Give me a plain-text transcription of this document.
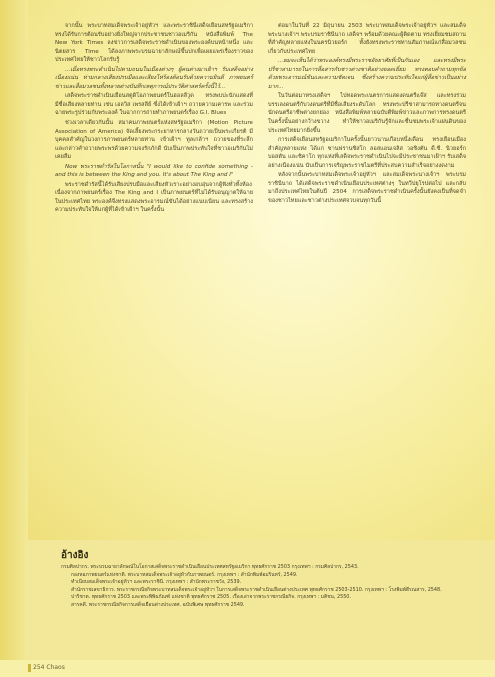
จากนั้น พระบาทสมเด็จพระเจ้าอยู่หัวฯ และพระราชินีเสด็จเยือนสหรัฐอเมริกา ทรงได้รับการต้อนรับอย่างยิ่งใหญ่จากประชาชนชาวอเมริกัน หนังสือพิมพ์ The New York Times ลงข่าวการเสด็จพระราชดำเนินของพระองค์บนหน้าหนึ่ง และนิตยสาร Time ได้ลงภาพพระบรมฉายาลักษณ์ขึ้นปกเพื่อเผยแพร่เรื่องราวของประเทศไทยให้ชาวโลกรับรู้

...เมื่อทรงพระดำเนินไปตามถนนในเมืองต่างๆ ผู้คนต่างมาเฝ้าฯ รับเสด็จอย่างเนืองแน่น ท่ามกลางเสียงปรบมือและเสียงโห่ร้องต้อนรับด้วยความยินดี ภาพยนตร์ข่าวและสื่อมวลชนทั้งหลายต่างบันทึกเหตุการณ์ประวัติศาสตร์ครั้งนี้ไว้...

เสด็จพระราชดำเนินเยือนสตูดิโอภาพยนตร์ในฮอลลีวูด ทรงพบปะนักแสดงที่มีชื่อเสียงหลายท่าน เช่น เอลวิส เพรสลีย์ ซึ่งได้เข้าเฝ้าฯ ถวายความเคารพ และร่วมฉายพระรูปร่วมกับพระองค์ ในฉากการถ่ายทำภาพยนตร์เรื่อง G.I. Blues

ช่วงเวลาเดียวกันนั้น สมาคมภาพยนตร์แห่งสหรัฐอเมริกา (Motion Picture Association of America) จัดเลี้ยงพระกระยาหารกลางวันถวายเป็นพระเกียรติ มีบุคคลสำคัญในวงการภาพยนตร์หลายท่าน เข้าเฝ้าฯ ทูลเกล้าฯ ถวายของที่ระลึก และกล่าวคำถวายพระพรด้วยความจงรักภักดี นับเป็นภาพประทับใจที่ชาวอเมริกันไม่เคยลืม

Now พระราชดำรัสในโอกาสนั้น "I would like to confide something - and this is between the King and you. It's about The King and I"

พระราชดำรัสนี้ได้รับเสียงปรบมือและเสียงหัวเราะอย่างอบอุ่นจากผู้ฟังทั่วทั้งห้อง เนื่องจากภาพยนตร์เรื่อง The King and I เป็นภาพยนตร์ที่ไม่ได้รับอนุญาตให้ฉายในประเทศไทย พระองค์จึงทรงแสดงพระอารมณ์ขันได้อย่างแนบเนียน และทรงสร้างความประทับใจให้แก่ผู้ที่ได้เข้าเฝ้าฯ ในครั้งนั้น

ต่อมาในวันที่ 22 มิถุนายน 2503 พระบาทสมเด็จพระเจ้าอยู่หัวฯ และสมเด็จพระนางเจ้าฯ พระบรมราชินีนาถ เสด็จฯ พร้อมด้วยคณะผู้ติดตาม ทรงเยี่ยมชมสถานที่สำคัญหลายแห่งในนครนิวยอร์ก ทั้งยังทรงพระราชทานสัมภาษณ์แก่สื่อมวลชนเกี่ยวกับประเทศไทย

...ผมจะเห็นได้ว่าพระองค์ทรงมีพระราชอัธยาศัยที่เป็นกันเอง และทรงมีพระปรีชาสามารถในการสื่อสารกับชาวต่างชาติอย่างยอดเยี่ยม ทรงตอบคำถามทุกข้อด้วยพระอารมณ์ขันและความชัดเจน ซึ่งสร้างความประทับใจแก่ผู้สื่อข่าวเป็นอย่างมาก...

ในวันต่อมาทรงเสด็จฯ ไปทอดพระเนตรการแสดงดนตรีแจ๊ส และทรงร่วมบรรเลงดนตรีกับวงดนตรีที่มีชื่อเสียงระดับโลก ทรงพระปรีชาสามารถทางดนตรีจนนักดนตรีอาชีพต่างยกย่อง หนังสือพิมพ์หลายฉบับตีพิมพ์ข่าวและภาพการทรงดนตรีในครั้งนั้นอย่างกว้างขวาง ทำให้ชาวอเมริกันรู้จักและชื่นชมพระเจ้าแผ่นดินของประเทศไทยมากยิ่งขึ้น

การเสด็จเยือนสหรัฐอเมริกาในครั้งนั้นยาวนานเกือบหนึ่งเดือน ทรงเยือนเมืองสำคัญหลายแห่ง ได้แก่ ซานฟรานซิสโก ลอสแอนเจลิส วอชิงตัน ดี.ซี. นิวยอร์ก บอสตัน และชิคาโก ทุกแห่งที่เสด็จพระราชดำเนินไปจะมีประชาชนมาเฝ้าฯ รับเสด็จอย่างเนืองแน่น นับเป็นการเจริญพระราชไมตรีที่ประสบความสำเร็จอย่างงดงาม

หลังจากนั้นพระบาทสมเด็จพระเจ้าอยู่หัวฯ และสมเด็จพระนางเจ้าฯ พระบรมราชินีนาถ ได้เสด็จพระราชดำเนินเยือนประเทศต่างๆ ในทวีปยุโรปต่อไป และกลับมาถึงประเทศไทยในต้นปี 2504 การเสด็จพระราชดำเนินครั้งนั้นยังคงเป็นที่จดจำของชาวไทยและชาวต่างประเทศจวบจนทุกวันนี้

อ้างอิง

กรมศิลปากร. พระบรมฉายาลักษณ์ในโอกาสเสด็จพระราชดำเนินเยือนประเทศสหรัฐอเมริกา พุทธศักราช 2503 กรุงเทพฯ : กรมศิลปากร, 2543.

กองหอภาพยนตร์แห่งชาติ. พระบาทสมเด็จพระเจ้าอยู่หัวกับภาพยนตร์. กรุงเทพฯ : สำนักพิมพ์อมรินทร์, 2549.

ทำเนียบสมเด็จพระเจ้าอยู่หัวฯ และพระราชินี. กรุงเทพฯ : สำนักพระราชวัง, 2539.

สำนักราชเลขาธิการ. พระราชกรณียกิจพระบาทสมเด็จพระเจ้าอยู่หัวฯ ในการเสด็จพระราชดำเนินเยือนต่างประเทศ พุทธศักราช 2503-2510. กรุงเทพฯ : โรงพิมพ์ตีรณสาร, 2548.

ปาริชาต. พุทธศักราช 2503 และพระพิพิธภัณฑ์ แห่งชาติ พุทธศักราช 2505. เรื่องเล่าจากพระราชกรณียกิจ. กรุงเทพฯ : มติชน, 2550.

สารคดี. พระราชกรณียกิจการเสด็จเยือนต่างประเทศ. ฉบับพิเศษ พุทธศักราช 2549.

254 Chaos
